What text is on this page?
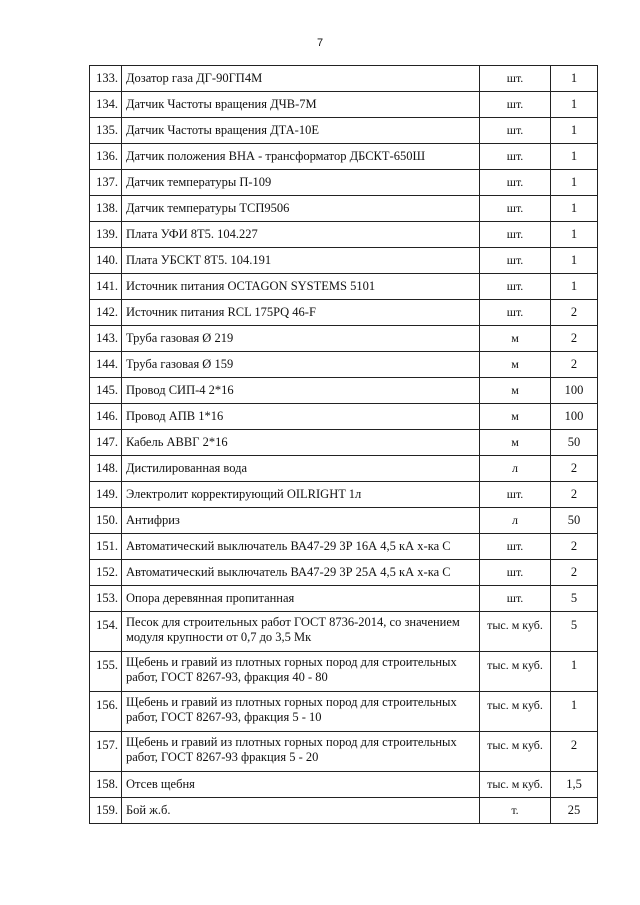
7
133.	Дозатор газа ДГ-90ГП4М	шт.	1
134.	Датчик Частоты вращения ДЧВ-7М	шт.	1
135.	Датчик Частоты вращения ДТА-10Е	шт.	1
136.	Датчик положения ВНА - трансформатор ДБСКТ-650Ш	шт.	1
137.	Датчик температуры П-109	шт.	1
138.	Датчик температуры ТСП9506	шт.	1
139.	Плата УФИ 8Т5. 104.227	шт.	1
140.	Плата УБСКТ 8Т5. 104.191	шт.	1
141.	Источник питания OCTAGON SYSTEMS 5101	шт.	1
142.	Источник питания RCL 175PQ 46-F	шт.	2
143.	Труба газовая Ø 219	м	2
144.	Труба газовая Ø 159	м	2
145.	Провод СИП-4 2*16	м	100
146.	Провод АПВ 1*16	м	100
147.	Кабель АВВГ 2*16	м	50
148.	Дистилированная вода	л	2
149.	Электролит корректирующий OILRIGHT 1л	шт.	2
150.	Антифриз	л	50
151.	Автоматический выключатель ВА47-29 3Р 16А 4,5 кА х-ка С	шт.	2
152.	Автоматический выключатель ВА47-29 3Р 25А 4,5 кА х-ка С	шт.	2
153.	Опора деревянная пропитанная	шт.	5
154.	Песок для строительных работ ГОСТ 8736-2014, со значением модуля крупности от 0,7 до 3,5 Мк	тыс. м куб.	5
155.	Щебень и гравий из плотных горных пород для строительных работ, ГОСТ 8267-93, фракция 40 - 80	тыс. м куб.	1
156.	Щебень и гравий из плотных горных пород для строительных работ, ГОСТ 8267-93, фракция 5 - 10	тыс. м куб.	1
157.	Щебень и гравий из плотных горных пород для строительных работ, ГОСТ 8267-93 фракция 5 - 20	тыс. м куб.	2
158.	Отсев щебня	тыс. м куб.	1,5
159.	Бой ж.б.	т.	25
